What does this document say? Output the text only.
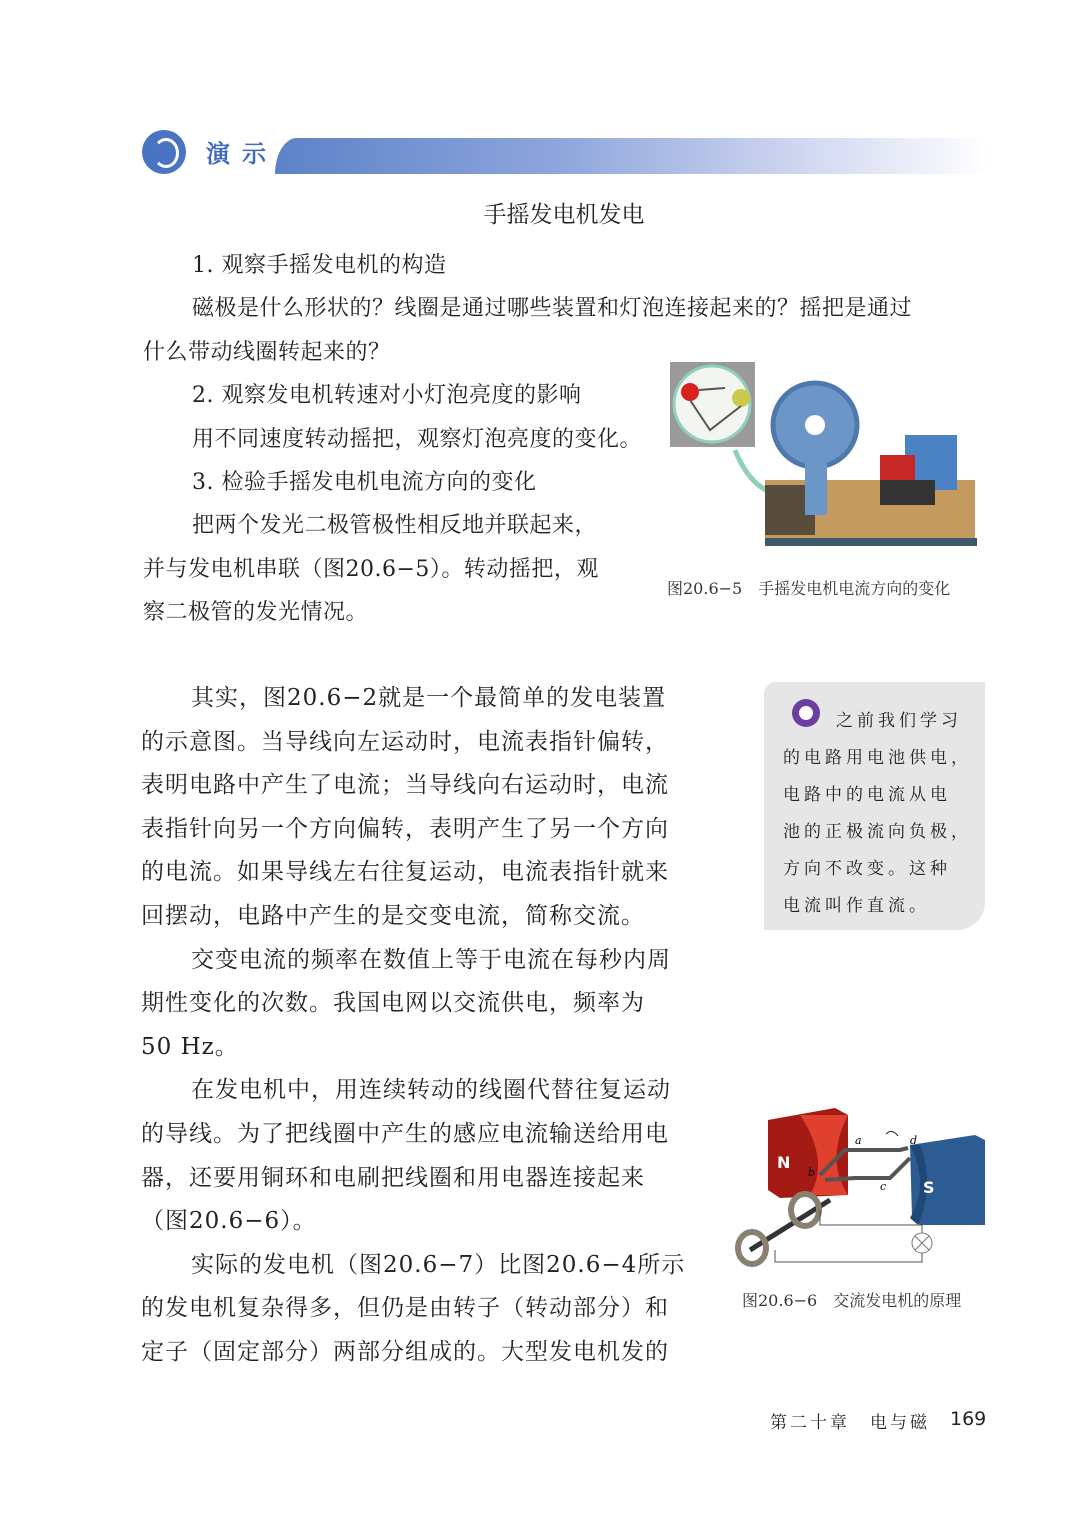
演示
手摇发电机发电
1. 观察手摇发电机的构造
磁极是什么形状的？线圈是通过哪些装置和灯泡连接起来的？摇把是通过
什么带动线圈转起来的？
2. 观察发电机转速对小灯泡亮度的影响
用不同速度转动摇把，观察灯泡亮度的变化。
3. 检验手摇发电机电流方向的变化
把两个发光二极管极性相反地并联起来，
并与发电机串联（图20.6−5）。转动摇把，观
察二极管的发光情况。
图20.6−5　手摇发电机电流方向的变化
其实，图20.6−2就是一个最简单的发电装置
的示意图。当导线向左运动时，电流表指针偏转，
表明电路中产生了电流；当导线向右运动时，电流
表指针向另一个方向偏转，表明产生了另一个方向
的电流。如果导线左右往复运动，电流表指针就来
回摆动，电路中产生的是交变电流，简称交流。
交变电流的频率在数值上等于电流在每秒内周
期性变化的次数。我国电网以交流供电，频率为
50 Hz。
在发电机中，用连续转动的线圈代替往复运动
的导线。为了把线圈中产生的感应电流输送给用电
器，还要用铜环和电刷把线圈和用电器连接起来
（图20.6−6）。
实际的发电机（图20.6−7）比图20.6−4所示
的发电机复杂得多，但仍是由转子（转动部分）和
定子（固定部分）两部分组成的。大型发电机发的
之前我们学习
的电路用电池供电，
电路中的电流从电
池的正极流向负极，
方向不改变。这种
电流叫作直流。
N
S
a
b
c
d
图20.6−6　交流发电机的原理
第二十章　电与磁 169
